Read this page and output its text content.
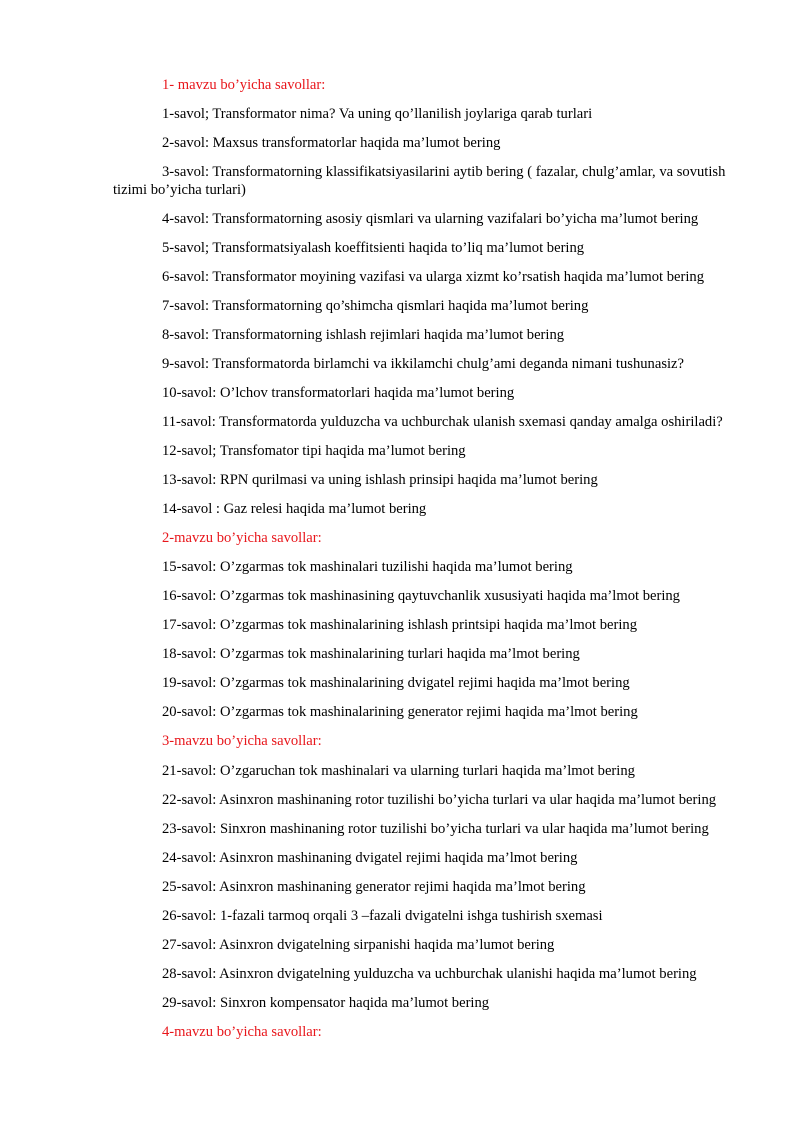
1- mavzu bo’yicha savollar:
1-savol; Transformator nima? Va uning qo’llanilish joylariga qarab turlari
2-savol: Maxsus transformatorlar haqida ma’lumot bering
3-savol: Transformatorning klassifikatsiyasilarini aytib bering ( fazalar, chulg’amlar, va sovutish
tizimi bo’yicha turlari)
4-savol: Transformatorning asosiy qismlari va ularning vazifalari bo’yicha ma’lumot bering
5-savol; Transformatsiyalash koeffitsienti haqida to’liq ma’lumot bering
6-savol: Transformator moyining vazifasi va ularga xizmt ko’rsatish haqida ma’lumot bering
7-savol: Transformatorning qo’shimcha qismlari haqida ma’lumot bering
8-savol: Transformatorning ishlash rejimlari haqida ma’lumot bering
9-savol: Transformatorda birlamchi va ikkilamchi chulg’ami deganda nimani tushunasiz?
10-savol: O’lchov transformatorlari haqida ma’lumot bering
11-savol: Transformatorda yulduzcha va uchburchak ulanish sxemasi qanday amalga oshiriladi?
12-savol; Transfomator tipi haqida ma’lumot bering
13-savol: RPN qurilmasi va uning ishlash prinsipi haqida ma’lumot bering
14-savol : Gaz relesi haqida ma’lumot bering
2-mavzu bo’yicha savollar:
15-savol: O’zgarmas tok mashinalari tuzilishi haqida ma’lumot bering
16-savol: O’zgarmas tok mashinasining qaytuvchanlik xususiyati haqida ma’lmot bering
17-savol: O’zgarmas tok mashinalarining ishlash printsipi haqida ma’lmot bering
18-savol: O’zgarmas tok mashinalarining turlari haqida ma’lmot bering
19-savol: O’zgarmas tok mashinalarining dvigatel rejimi haqida ma’lmot bering
20-savol: O’zgarmas tok mashinalarining generator rejimi haqida ma’lmot bering
3-mavzu bo’yicha savollar:
21-savol: O’zgaruchan tok mashinalari va ularning turlari haqida ma’lmot bering
22-savol: Asinxron mashinaning rotor tuzilishi bo’yicha turlari va ular haqida ma’lumot bering
23-savol: Sinxron mashinaning rotor tuzilishi bo’yicha turlari va ular haqida ma’lumot bering
24-savol: Asinxron mashinaning dvigatel rejimi haqida ma’lmot bering
25-savol: Asinxron mashinaning generator rejimi haqida ma’lmot bering
26-savol: 1-fazali tarmoq orqali 3 –fazali dvigatelni ishga tushirish sxemasi
27-savol: Asinxron dvigatelning sirpanishi haqida ma’lumot bering
28-savol: Asinxron dvigatelning yulduzcha va uchburchak ulanishi haqida ma’lumot bering
29-savol: Sinxron kompensator haqida ma’lumot bering
4-mavzu bo’yicha savollar:
